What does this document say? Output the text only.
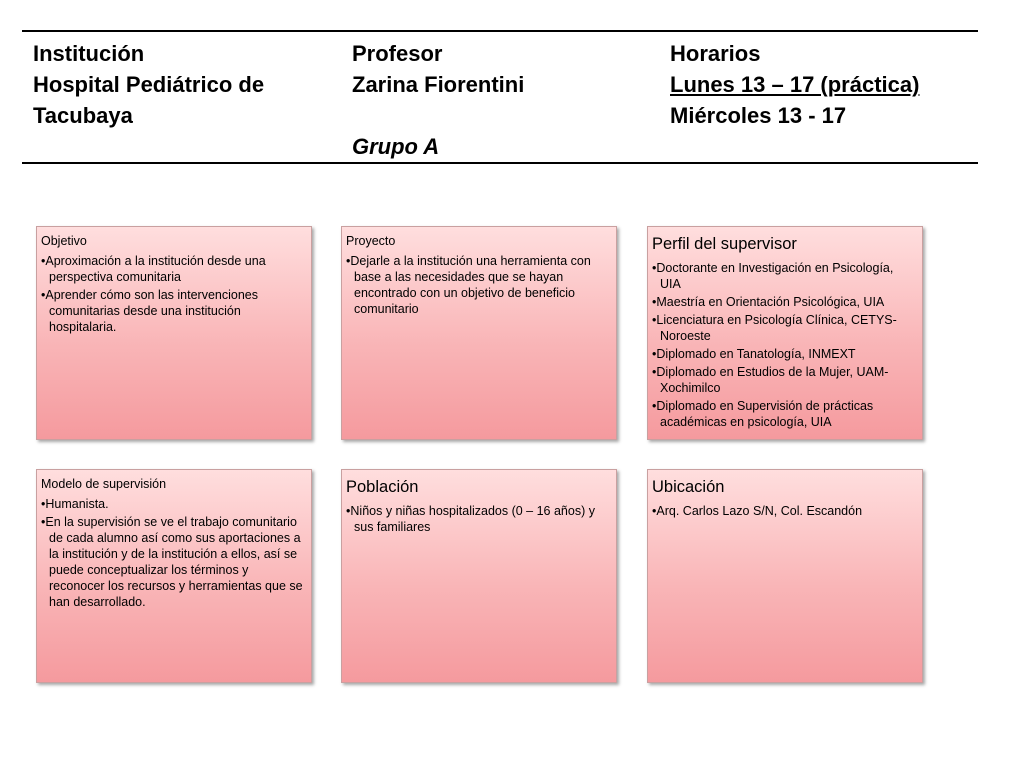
Institución
Hospital Pediátrico de
Tacubaya
Profesor
Zarina Fiorentini
Grupo A
Horarios
Lunes 13 – 17 (práctica)
Miércoles 13 - 17
Objetivo
• Aproximación a la institución desde una perspectiva comunitaria
• Aprender cómo son las intervenciones comunitarias desde una institución hospitalaria.
Proyecto
• Dejarle a la institución una herramienta con base a las necesidades que se hayan encontrado con un objetivo de beneficio comunitario
Perfil del supervisor
• Doctorante en Investigación en Psicología, UIA
• Maestría en Orientación Psicológica, UIA
• Licenciatura en Psicología Clínica, CETYS-Noroeste
• Diplomado en Tanatología, INMEXT
• Diplomado en Estudios de la Mujer, UAM-Xochimilco
• Diplomado en Supervisión de prácticas académicas en psicología, UIA
Modelo de supervisión
• Humanista.
• En la supervisión se ve el trabajo comunitario de cada alumno así como sus aportaciones a la institución y de la institución a ellos, así se puede conceptualizar los términos y reconocer los recursos y herramientas que se han desarrollado.
Población
• Niños y niñas hospitalizados (0 – 16 años) y sus familiares
Ubicación
• Arq. Carlos Lazo S/N, Col. Escandón
